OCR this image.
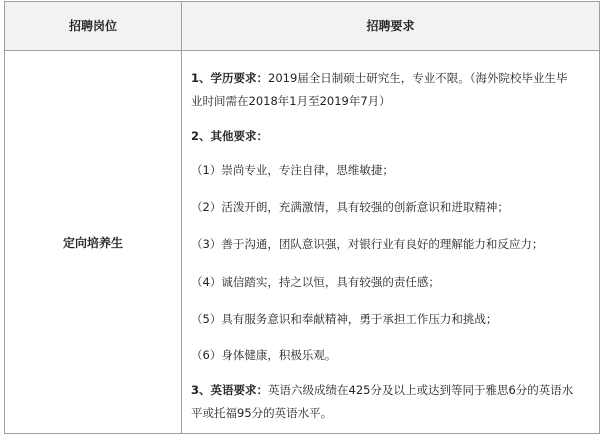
招聘岗位	招聘要求
定向培养生
1、学历要求：2019届全日制硕士研究生，专业不限。（海外院校毕业生毕
业时间需在2018年1月至2019年7月）
2、其他要求：
（1）崇尚专业，专注自律，思维敏捷；
（2）活泼开朗，充满激情，具有较强的创新意识和进取精神；
（3）善于沟通，团队意识强，对银行业有良好的理解能力和反应力；
（4）诚信踏实，持之以恒，具有较强的责任感；
（5）具有服务意识和奉献精神，勇于承担工作压力和挑战；
（6）身体健康，积极乐观。
3、英语要求：英语六级成绩在425分及以上或达到等同于雅思6分的英语水
平或托福95分的英语水平。
